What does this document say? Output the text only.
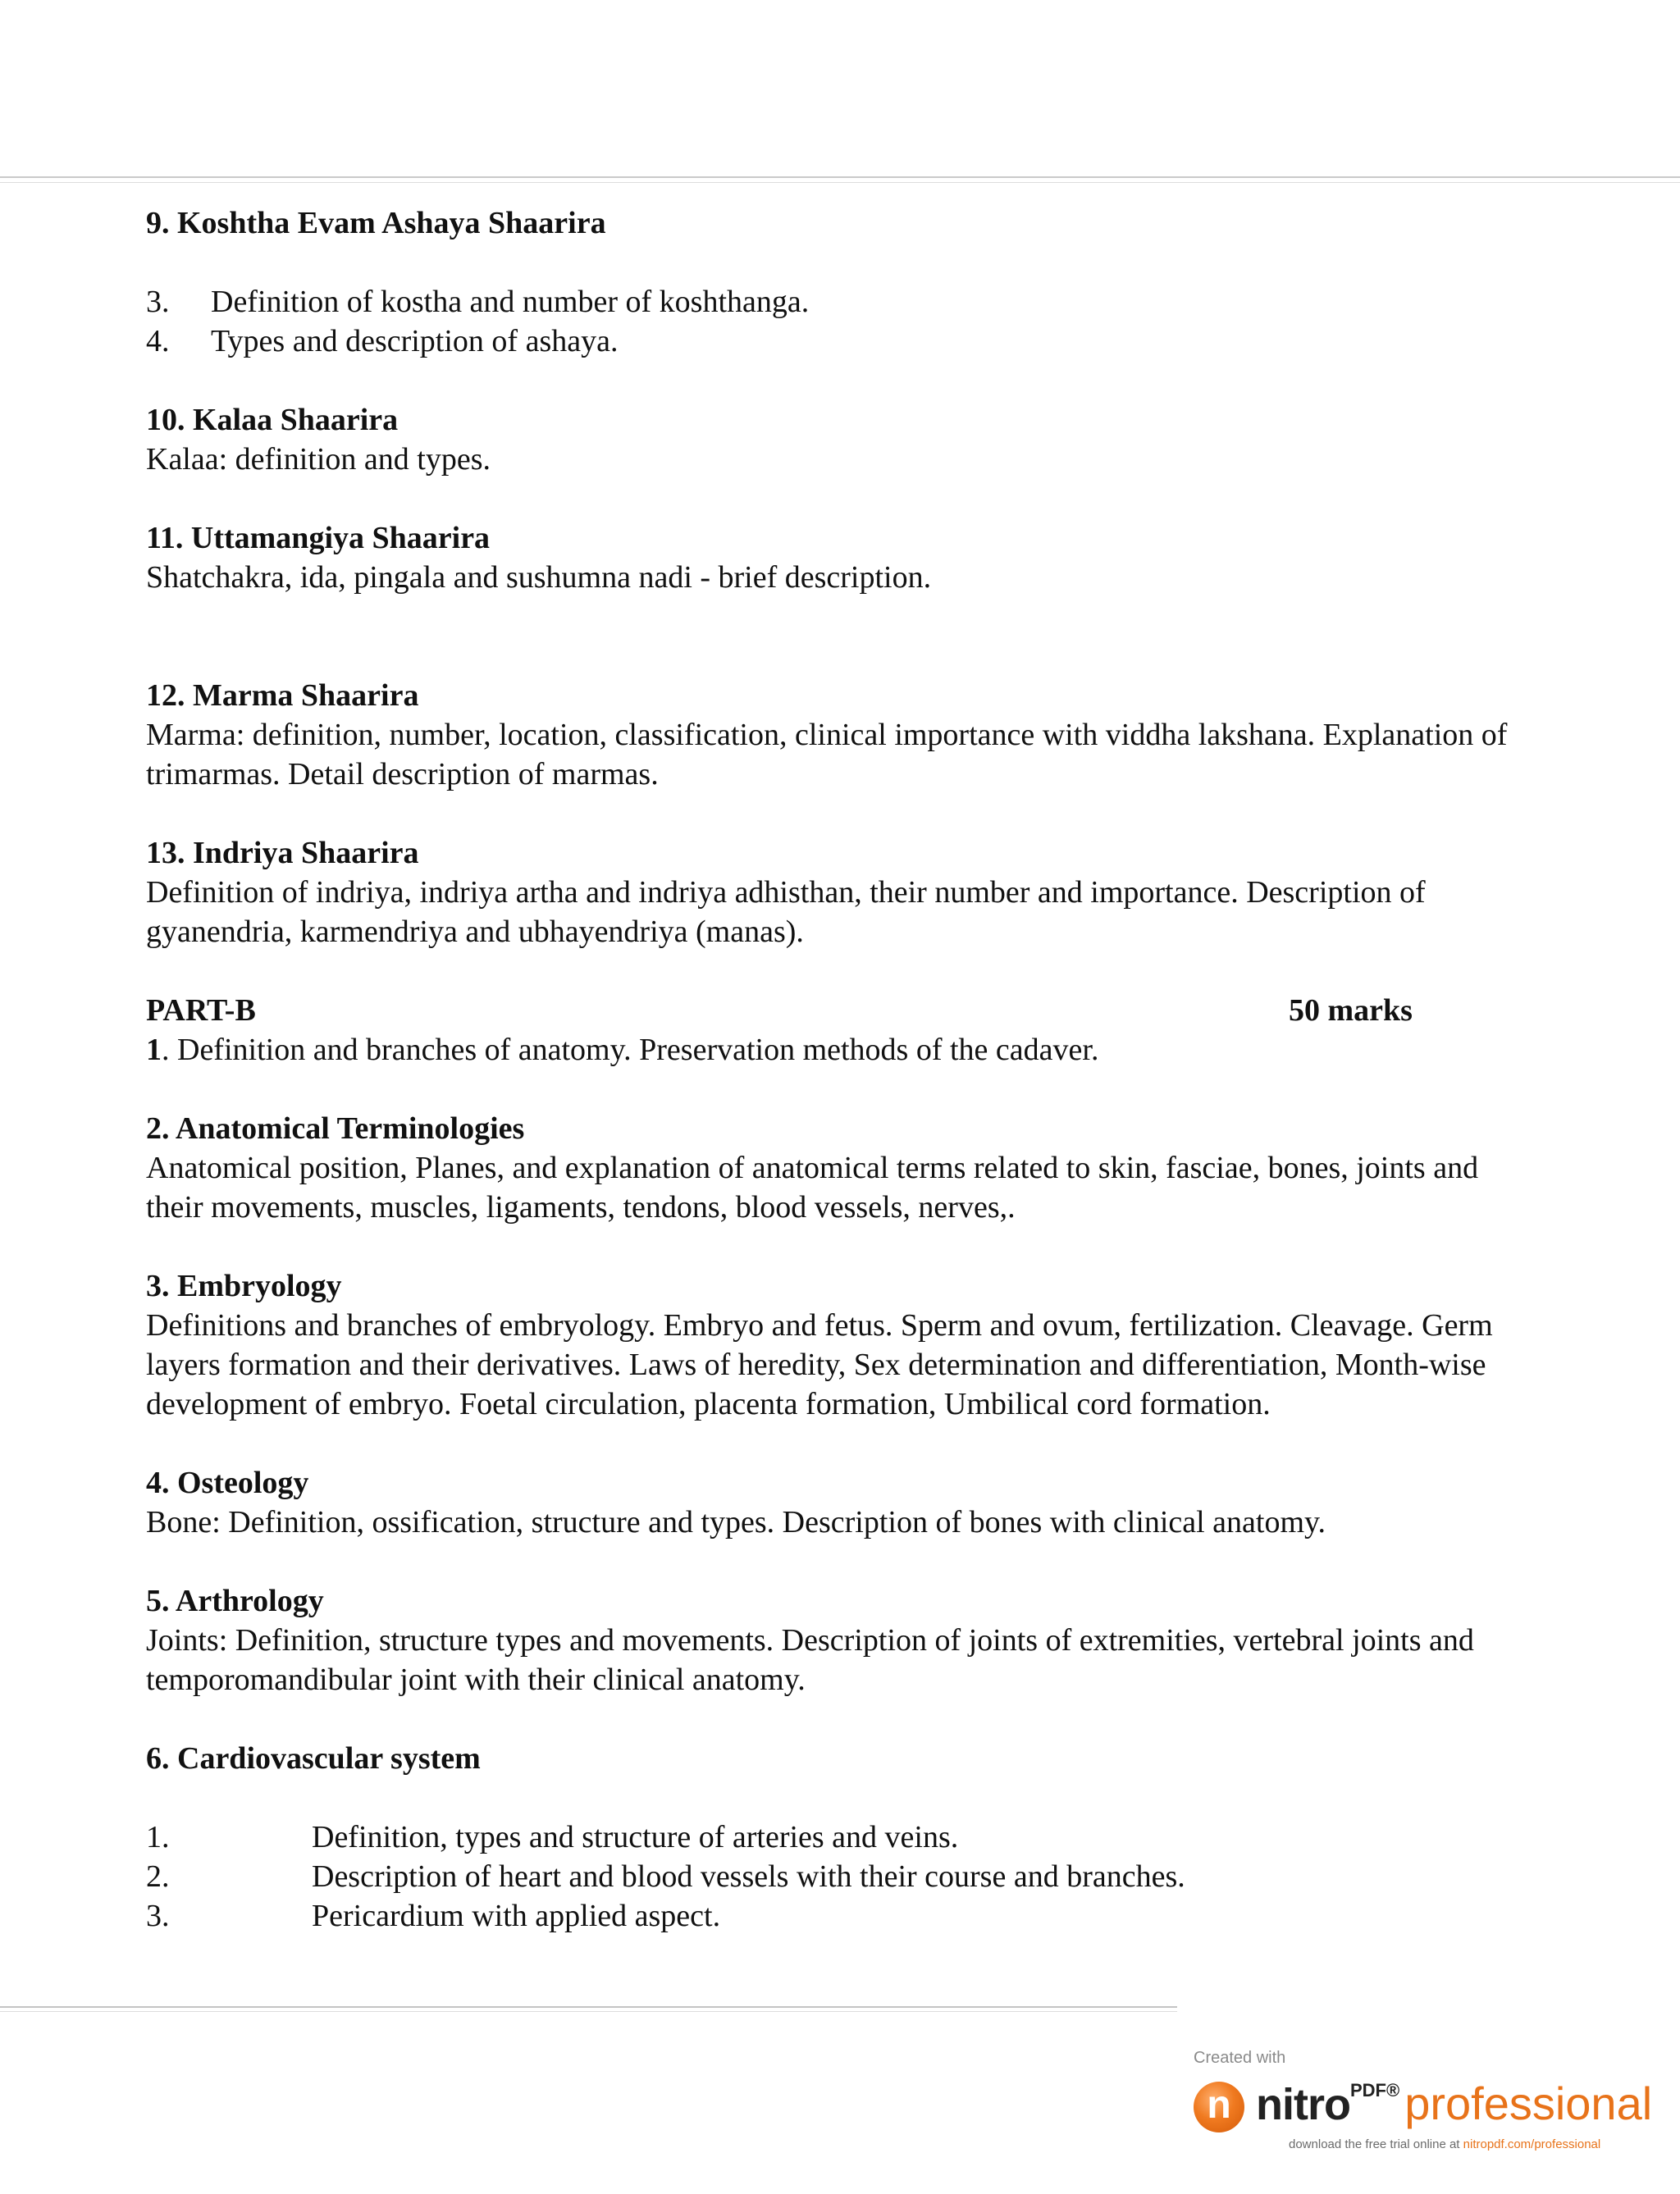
9. Koshtha Evam Ashaya Shaarira
3.	Definition of kostha and number of koshthanga.
4.	Types and description of ashaya.
10. Kalaa Shaarira
Kalaa: definition and types.
11. Uttamangiya Shaarira
Shatchakra, ida, pingala and sushumna nadi - brief description.
12. Marma Shaarira
Marma: definition, number, location, classification, clinical importance with viddha lakshana. Explanation of
trimarmas. Detail description of marmas.
13. Indriya Shaarira
Definition of indriya, indriya artha and indriya adhisthan, their number and importance. Description of
gyanendria, karmendriya and ubhayendriya (manas).
PART-B	50 marks
1. Definition and branches of anatomy. Preservation methods of the cadaver.
2. Anatomical Terminologies
Anatomical position, Planes, and explanation of anatomical terms related to skin, fasciae, bones, joints and
their movements, muscles, ligaments, tendons, blood vessels, nerves,.
3. Embryology
Definitions and branches of embryology. Embryo and fetus. Sperm and ovum, fertilization. Cleavage. Germ
layers formation and their derivatives. Laws of heredity, Sex determination and differentiation, Month-wise
development of embryo. Foetal circulation, placenta formation, Umbilical cord formation.
4. Osteology
Bone: Definition, ossification, structure and types. Description of bones with clinical anatomy.
5. Arthrology
Joints: Definition, structure types and movements. Description of joints of extremities, vertebral joints and
temporomandibular joint with their clinical anatomy.
6. Cardiovascular system
1.	Definition, types and structure of arteries and veins.
2.	Description of heart and blood vessels with their course and branches.
3.	Pericardium with applied aspect.
Created with
n nitroPDF® professional
download the free trial online at nitropdf.com/professional
